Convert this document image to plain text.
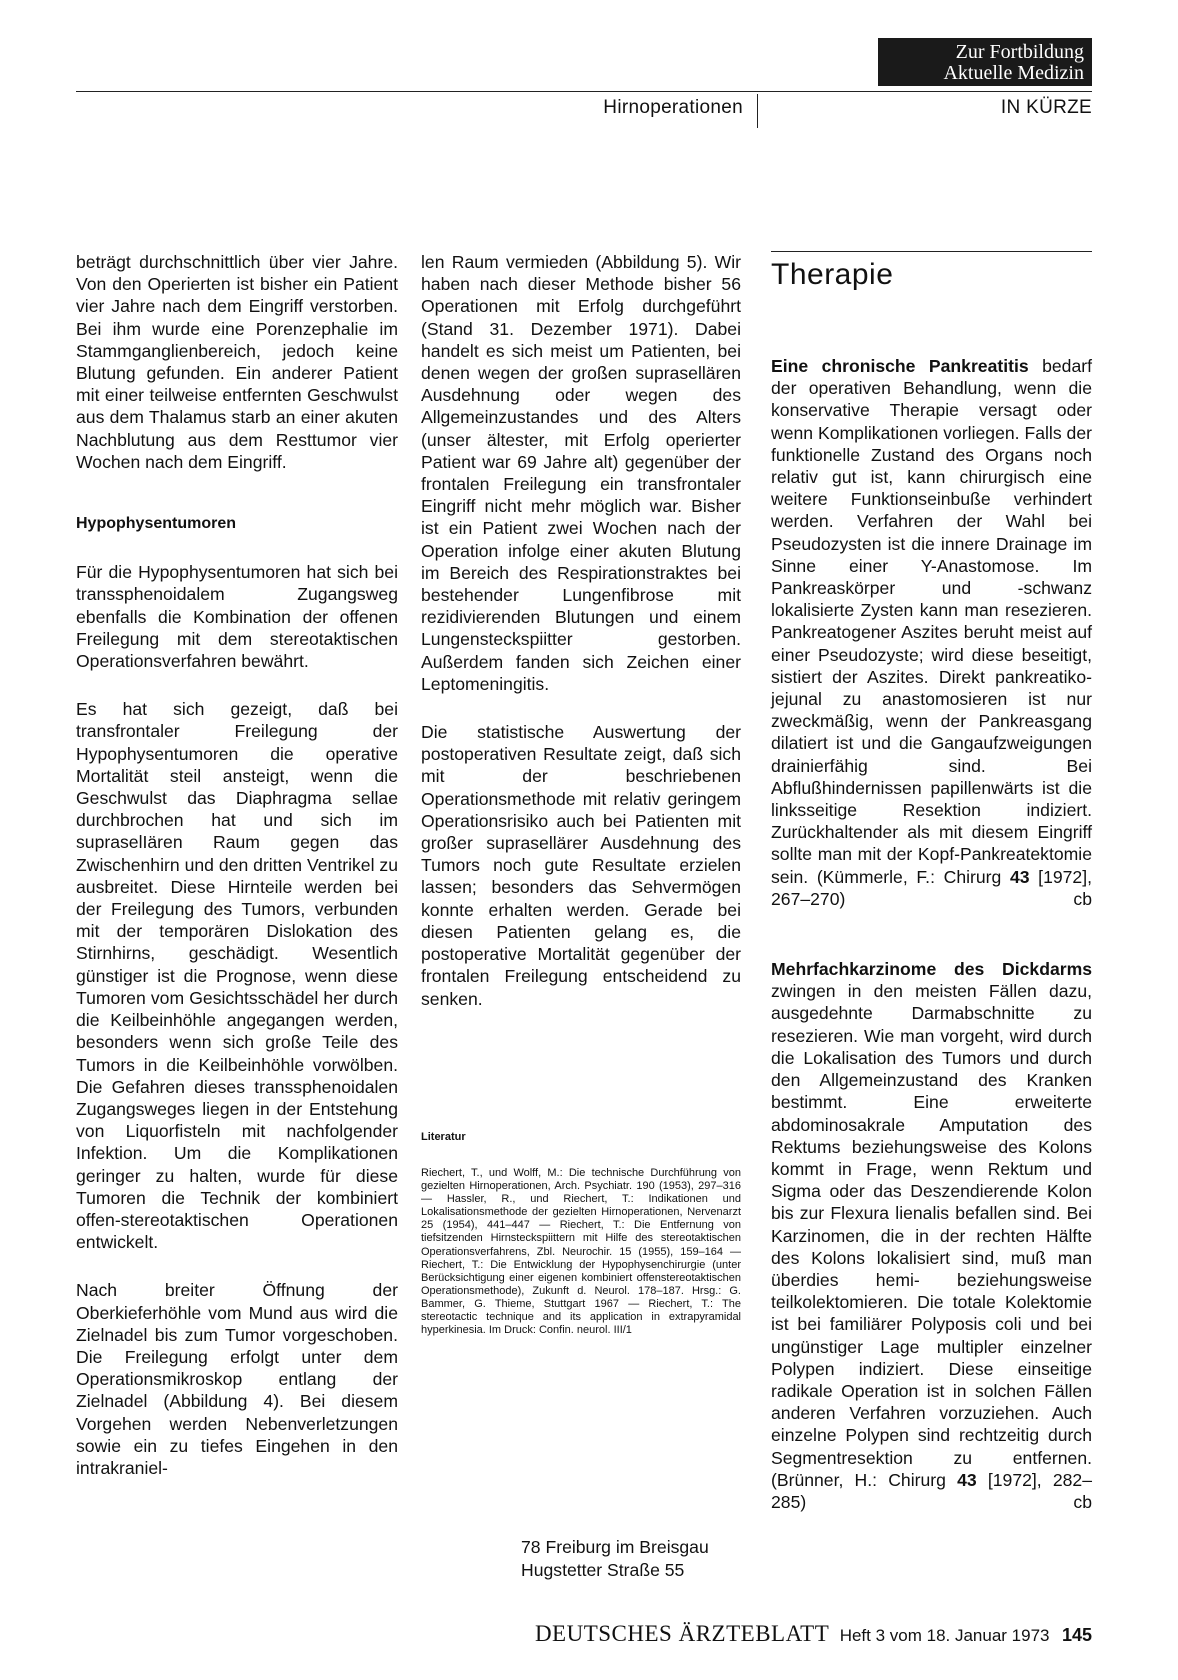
Zur Fortbildung
Aktuelle Medizin
Hirnoperationen	IN KÜRZE

beträgt durchschnittlich über vier Jahre. Von den Operierten ist bisher ein Patient vier Jahre nach dem Eingriff verstorben. Bei ihm wurde eine Porenzephalie im Stammganglienbereich, jedoch keine Blutung gefunden. Ein anderer Patient mit einer teilweise entfernten Geschwulst aus dem Thalamus starb an einer akuten Nachblutung aus dem Resttumor vier Wochen nach dem Eingriff.

Hypophysentumoren

Für die Hypophysentumoren hat sich bei transsphenoidalem Zugangsweg ebenfalls die Kombination der offenen Freilegung mit dem stereotaktischen Operationsverfahren bewährt.

Es hat sich gezeigt, daß bei transfrontaler Freilegung der Hypophysentumoren die operative Mortalität steil ansteigt, wenn die Geschwulst das Diaphragma sellae durchbrochen hat und sich im supraselIären Raum gegen das Zwischenhirn und den dritten Ventrikel zu ausbreitet. Diese Hirnteile werden bei der Freilegung des Tumors, verbunden mit der temporären Dislokation des Stirnhirns, geschädigt. Wesentlich günstiger ist die Prognose, wenn diese Tumoren vom Gesichtsschädel her durch die Keilbeinhöhle angegangen werden, besonders wenn sich große Teile des Tumors in die Keilbeinhöhle vorwölben. Die Gefahren dieses transsphenoidalen Zugangsweges liegen in der Entstehung von Liquorfisteln mit nachfolgender Infektion. Um die Komplikationen geringer zu halten, wurde für diese Tumoren die Technik der kombiniert offen-stereotaktischen Operationen entwickelt.

Nach breiter Öffnung der Oberkieferhöhle vom Mund aus wird die Zielnadel bis zum Tumor vorgeschoben. Die Freilegung erfolgt unter dem Operationsmikroskop entlang der Zielnadel (Abbildung 4). Bei diesem Vorgehen werden Nebenverletzungen sowie ein zu tiefes Eingehen in den intrakraniel-

len Raum vermieden (Abbildung 5). Wir haben nach dieser Methode bisher 56 Operationen mit Erfolg durchgeführt (Stand 31. Dezember 1971). Dabei handelt es sich meist um Patienten, bei denen wegen der großen suprasellären Ausdehnung oder wegen des Allgemeinzustandes und des Alters (unser ältester, mit Erfolg operierter Patient war 69 Jahre alt) gegenüber der frontalen Freilegung ein transfrontaler Eingriff nicht mehr möglich war. Bisher ist ein Patient zwei Wochen nach der Operation infolge einer akuten Blutung im Bereich des Respirationstraktes bei bestehender Lungenfibrose mit rezidivierenden Blutungen und einem Lungensteckspiitter gestorben. Außerdem fanden sich Zeichen einer Leptomeningitis.

Die statistische Auswertung der postoperativen Resultate zeigt, daß sich mit der beschriebenen Operationsmethode mit relativ geringem Operationsrisiko auch bei Patienten mit großer suprasellärer Ausdehnung des Tumors noch gute Resultate erzielen lassen; besonders das Sehvermögen konnte erhalten werden. Gerade bei diesen Patienten gelang es, die postoperative Mortalität gegenüber der frontalen Freilegung entscheidend zu senken.

Literatur
Riechert, T., und Wolff, M.: Die technische Durchführung von gezielten Hirnoperationen, Arch. Psychiatr. 190 (1953), 297–316 — Hassler, R., und Riechert, T.: Indikationen und Lokalisationsmethode der gezielten Hirnoperationen, Nervenarzt 25 (1954), 441–447 — Riechert, T.: Die Entfernung von tiefsitzenden Hirnsteckspiittern mit Hilfe des stereotaktischen Operationsverfahrens, Zbl. Neurochir. 15 (1955), 159–164 — Riechert, T.: Die Entwicklung der Hypophysenchirurgie (unter Berücksichtigung einer eigenen kombiniert offenstereotaktischen Operationsmethode), Zukunft d. Neurol. 178–187. Hrsg.: G. Bammer, G. Thieme, Stuttgart 1967 — Riechert, T.: The stereotactic technique and its application in extrapyramidal hyperkinesia. Im Druck: Confin. neurol. III/1
78 Freiburg im Breisgau
Hugstetter Straße 55
Therapie

Eine chronische Pankreatitis bedarf der operativen Behandlung, wenn die konservative Therapie versagt oder wenn Komplikationen vorliegen. Falls der funktionelle Zustand des Organs noch relativ gut ist, kann chirurgisch eine weitere Funktionseinbuße verhindert werden. Verfahren der Wahl bei Pseudozysten ist die innere Drainage im Sinne einer Y-Anastomose. Im Pankreaskörper und -schwanz lokalisierte Zysten kann man resezieren. Pankreatogener Aszites beruht meist auf einer Pseudozyste; wird diese beseitigt, sistiert der Aszites. Direkt pankreatiko-jejunal zu anastomosieren ist nur zweckmäßig, wenn der Pankreasgang dilatiert ist und die Gangaufzweigungen drainierfähig sind. Bei Abflußhindernissen papillenwärts ist die linksseitige Resektion indiziert. Zurückhaltender als mit diesem Eingriff sollte man mit der Kopf-Pankreatektomie sein. (Kümmerle, F.: Chirurg 43 [1972], 267–270)	cb

Mehrfachkarzinome des Dickdarms zwingen in den meisten Fällen dazu, ausgedehnte Darmabschnitte zu resezieren. Wie man vorgeht, wird durch die Lokalisation des Tumors und durch den Allgemeinzustand des Kranken bestimmt. Eine erweiterte abdominosakrale Amputation des Rektums beziehungsweise des Kolons kommt in Frage, wenn Rektum und Sigma oder das Deszendierende Kolon bis zur Flexura lienalis befallen sind. Bei Karzinomen, die in der rechten Hälfte des Kolons lokalisiert sind, muß man überdies hemi- beziehungsweise teilkolektomieren. Die totale Kolektomie ist bei familiärer Polyposis coli und bei ungünstiger Lage multipler einzelner Polypen indiziert. Diese einseitige radikale Operation ist in solchen Fällen anderen Verfahren vorzuziehen. Auch einzelne Polypen sind rechtzeitig durch Segmentresektion zu entfernen. (Brünner, H.: Chirurg 43 [1972], 282–285)	cb

DEUTSCHES ÄRZTEBLATT Heft 3 vom 18. Januar 1973 145
